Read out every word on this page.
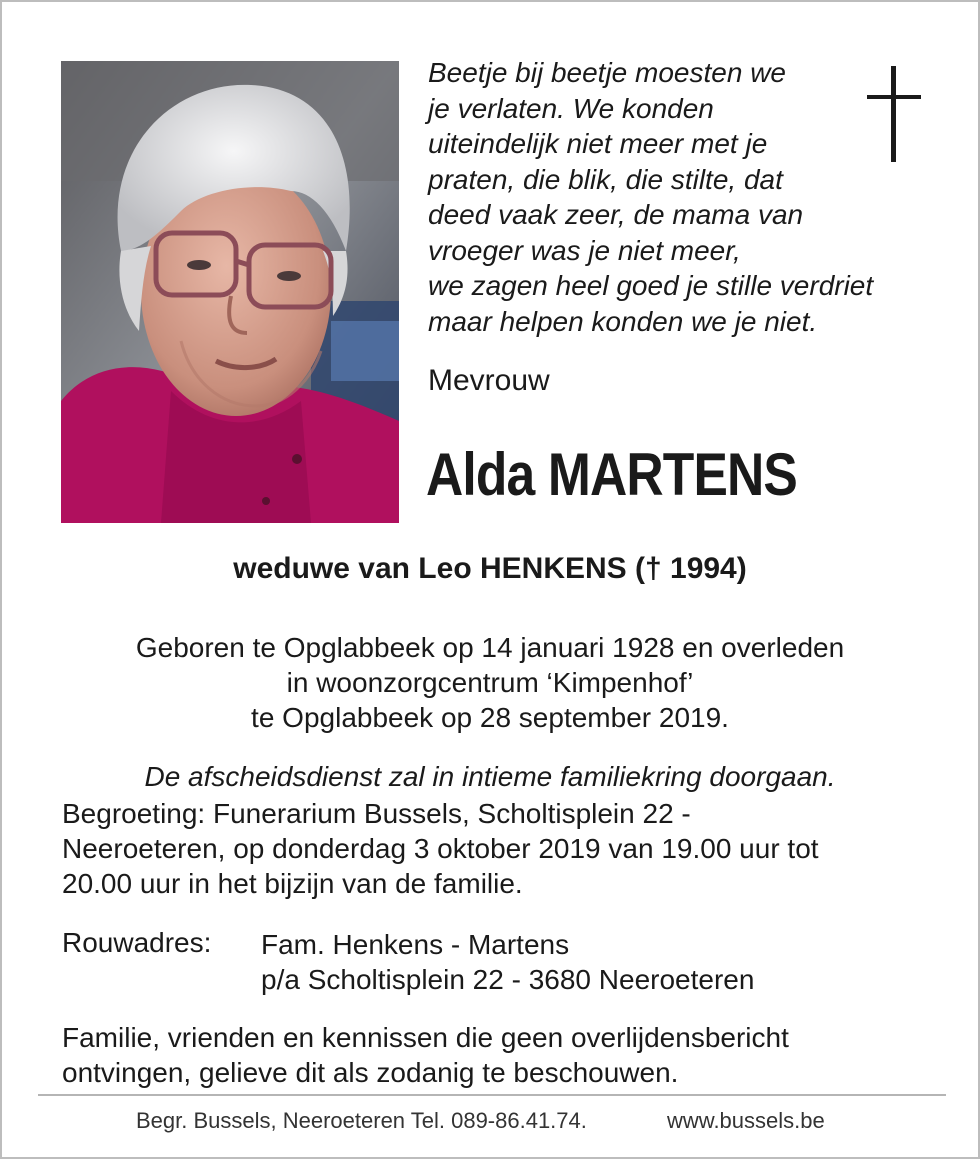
Beetje bij beetje moesten we
je verlaten. We konden
uiteindelijk niet meer met je
praten, die blik, die stilte, dat
deed vaak zeer, de mama van
vroeger was je niet meer,
we zagen heel goed je stille verdriet
maar helpen konden we je niet.
Mevrouw
Alda MARTENS
weduwe van Leo HENKENS († 1994)
Geboren te Opglabbeek op 14 januari 1928 en overleden
in woonzorgcentrum ‘Kimpenhof’
te Opglabbeek op 28 september 2019.
De afscheidsdienst zal in intieme familiekring doorgaan.
Begroeting: Funerarium Bussels, Scholtisplein 22 -
Neeroeteren, op donderdag 3 oktober 2019 van 19.00 uur tot
20.00 uur in het bijzijn van de familie.
Rouwadres: Fam. Henkens - Martens
p/a Scholtisplein 22 - 3680 Neeroeteren
Familie, vrienden en kennissen die geen overlijdensbericht
ontvingen, gelieve dit als zodanig te beschouwen.
Begr. Bussels, Neeroeteren Tel. 089-86.41.74.	www.bussels.be
